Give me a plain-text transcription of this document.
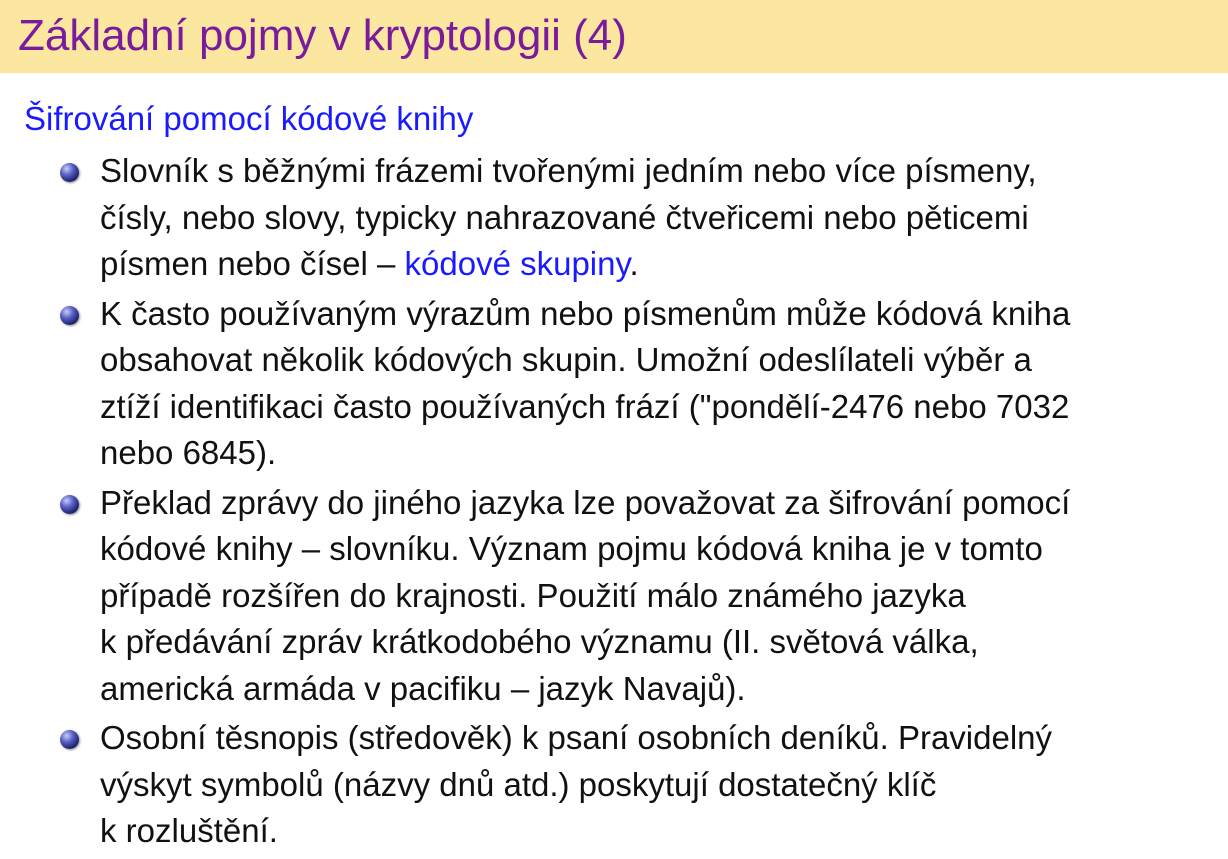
Základní pojmy v kryptologii (4)
Šifrování pomocí kódové knihy
Slovník s běžnými frázemi tvořenými jedním nebo více písmeny,
čísly, nebo slovy, typicky nahrazované čtveřicemi nebo pěticemi
písmen nebo čísel – kódové skupiny.
K často používaným výrazům nebo písmenům může kódová kniha
obsahovat několik kódových skupin. Umožní odeslílateli výběr a
ztíží identifikaci často používaných frází ("pondělí-2476 nebo 7032
nebo 6845).
Překlad zprávy do jiného jazyka lze považovat za šifrování pomocí
kódové knihy – slovníku. Význam pojmu kódová kniha je v tomto
případě rozšířen do krajnosti. Použití málo známého jazyka
k předávání zpráv krátkodobého významu (II. světová válka,
americká armáda v pacifiku – jazyk Navajů).
Osobní těsnopis (středověk) k psaní osobních deníků. Pravidelný
výskyt symbolů (názvy dnů atd.) poskytují dostatečný klíč
k rozluštění.
